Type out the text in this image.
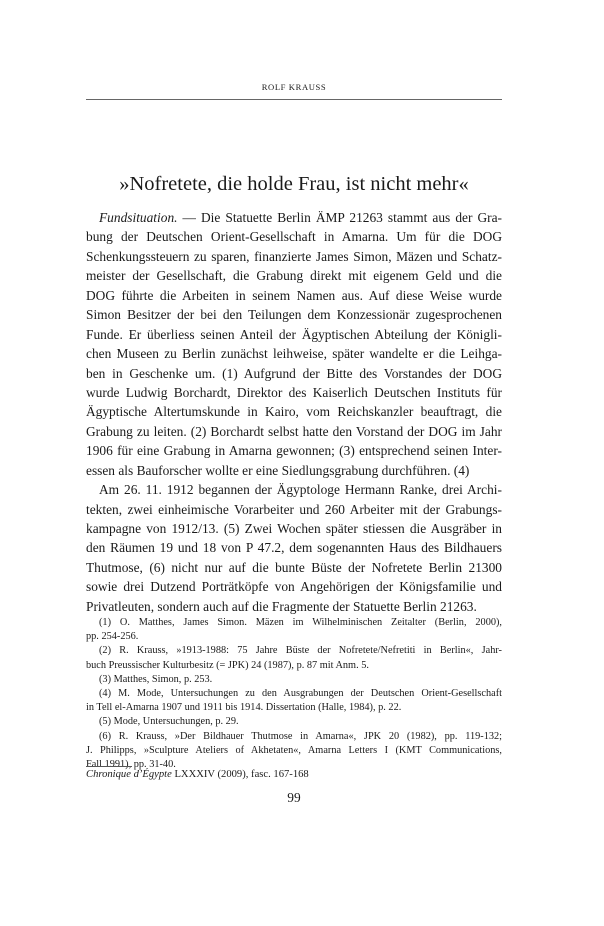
ROLF KRAUSS
»Nofretete, die holde Frau, ist nicht mehr«
Fundsituation. — Die Statuette Berlin ÄMP 21263 stammt aus der Gra-
bung der Deutschen Orient-Gesellschaft in Amarna. Um für die DOG
Schenkungssteuern zu sparen, finanzierte James Simon, Mäzen und Schatz-
meister der Gesellschaft, die Grabung direkt mit eigenem Geld und die
DOG führte die Arbeiten in seinem Namen aus. Auf diese Weise wurde
Simon Besitzer der bei den Teilungen dem Konzessionär zugesprochenen
Funde. Er überliess seinen Anteil der Ägyptischen Abteilung der Königli-
chen Museen zu Berlin zunächst leihweise, später wandelte er die Leihga-
ben in Geschenke um. (1) Aufgrund der Bitte des Vorstandes der DOG
wurde Ludwig Borchardt, Direktor des Kaiserlich Deutschen Instituts für
Ägyptische Altertumskunde in Kairo, vom Reichskanzler beauftragt, die
Grabung zu leiten. (2) Borchardt selbst hatte den Vorstand der DOG im Jahr
1906 für eine Grabung in Amarna gewonnen; (3) entsprechend seinen Inter-
essen als Bauforscher wollte er eine Siedlungsgrabung durchführen. (4)
Am 26. 11. 1912 begannen der Ägyptologe Hermann Ranke, drei Archi-
tekten, zwei einheimische Vorarbeiter und 260 Arbeiter mit der Grabungs-
kampagne von 1912/13. (5) Zwei Wochen später stiessen die Ausgräber in
den Räumen 19 und 18 von P 47.2, dem sogenannten Haus des Bildhauers
Thutmose, (6) nicht nur auf die bunte Büste der Nofretete Berlin 21300
sowie drei Dutzend Porträtköpfe von Angehörigen der Königsfamilie und
Privatleuten, sondern auch auf die Fragmente der Statuette Berlin 21263.
(1) O. Matthes, James Simon. Mäzen im Wilhelminischen Zeitalter (Berlin, 2000),
pp. 254-256.
(2) R. Krauss, »1913-1988: 75 Jahre Büste der Nofretete/Nefretiti in Berlin«, Jahr-
buch Preussischer Kulturbesitz (= JPK) 24 (1987), p. 87 mit Anm. 5.
(3) Matthes, Simon, p. 253.
(4) M. Mode, Untersuchungen zu den Ausgrabungen der Deutschen Orient-Gesellschaft
in Tell el-Amarna 1907 und 1911 bis 1914. Dissertation (Halle, 1984), p. 22.
(5) Mode, Untersuchungen, p. 29.
(6) R. Krauss, »Der Bildhauer Thutmose in Amarna«, JPK 20 (1982), pp. 119-132;
J. Philipps, »Sculpture Ateliers of Akhetaten«, Amarna Letters I (KMT Communications,
Fall 1991), pp. 31-40.
Chronique d’Égypte LXXXIV (2009), fasc. 167-168
99
